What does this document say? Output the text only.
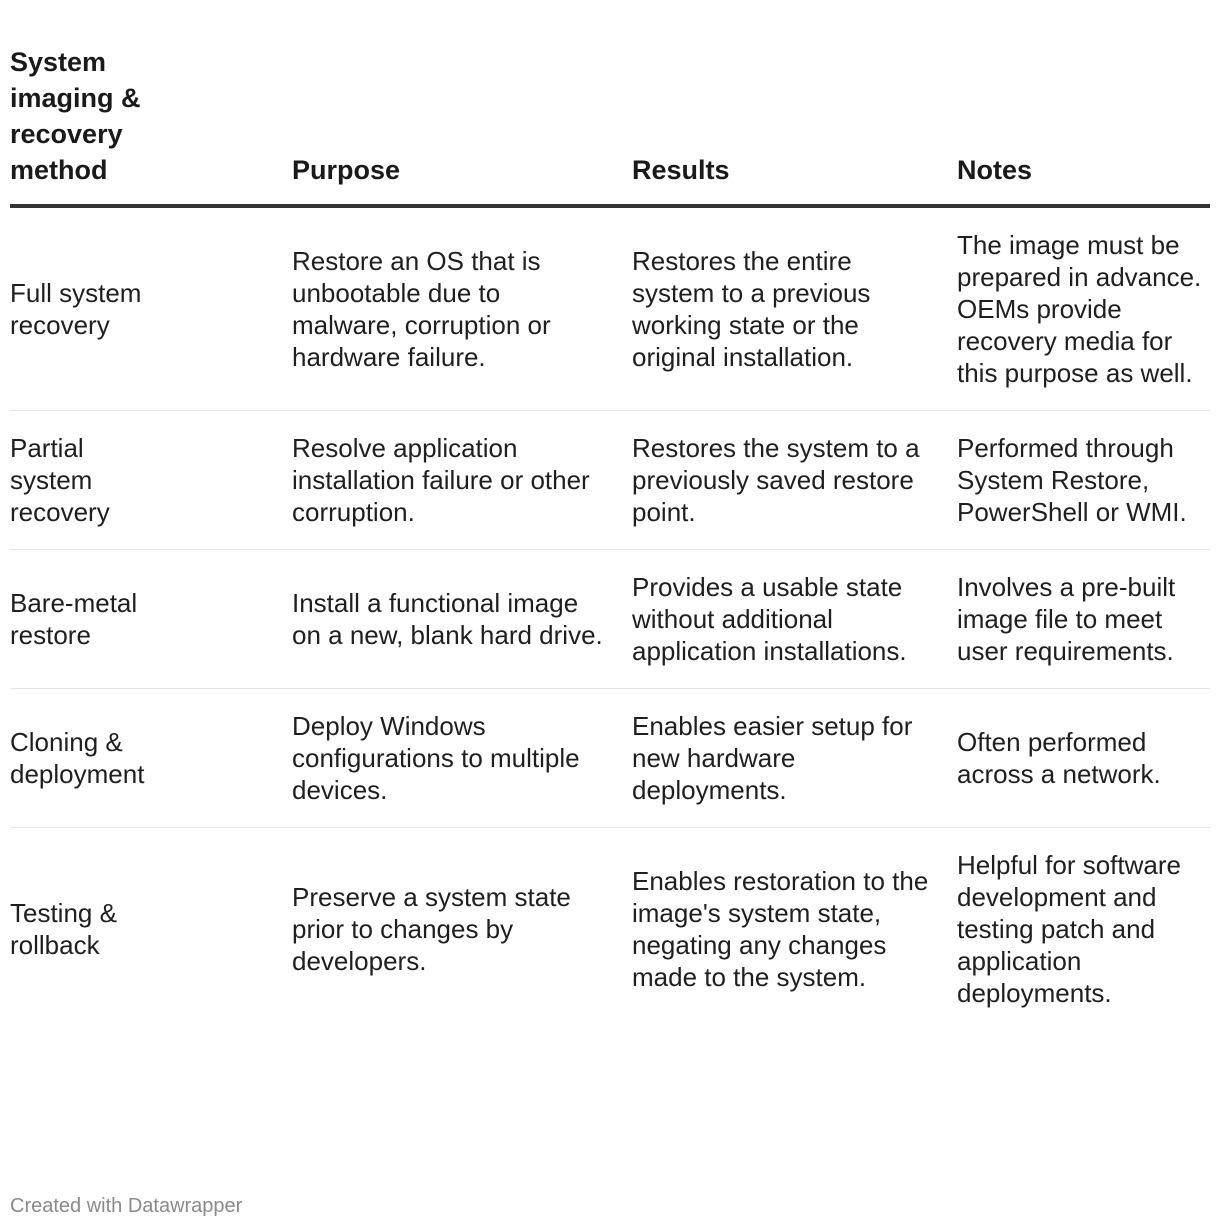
System imaging & recovery method	Purpose	Results	Notes
Full system recovery	Restore an OS that is unbootable due to malware, corruption or hardware failure.	Restores the entire system to a previous working state or the original installation.	The image must be prepared in advance. OEMs provide recovery media for this purpose as well.
Partial system recovery	Resolve application installation failure or other corruption.	Restores the system to a previously saved restore point.	Performed through System Restore, PowerShell or WMI.
Bare-metal restore	Install a functional image on a new, blank hard drive.	Provides a usable state without additional application installations.	Involves a pre-built image file to meet user requirements.
Cloning & deployment	Deploy Windows configurations to multiple devices.	Enables easier setup for new hardware deployments.	Often performed across a network.
Testing & rollback	Preserve a system state prior to changes by developers.	Enables restoration to the image's system state, negating any changes made to the system.	Helpful for software development and testing patch and application deployments.
Created with Datawrapper
